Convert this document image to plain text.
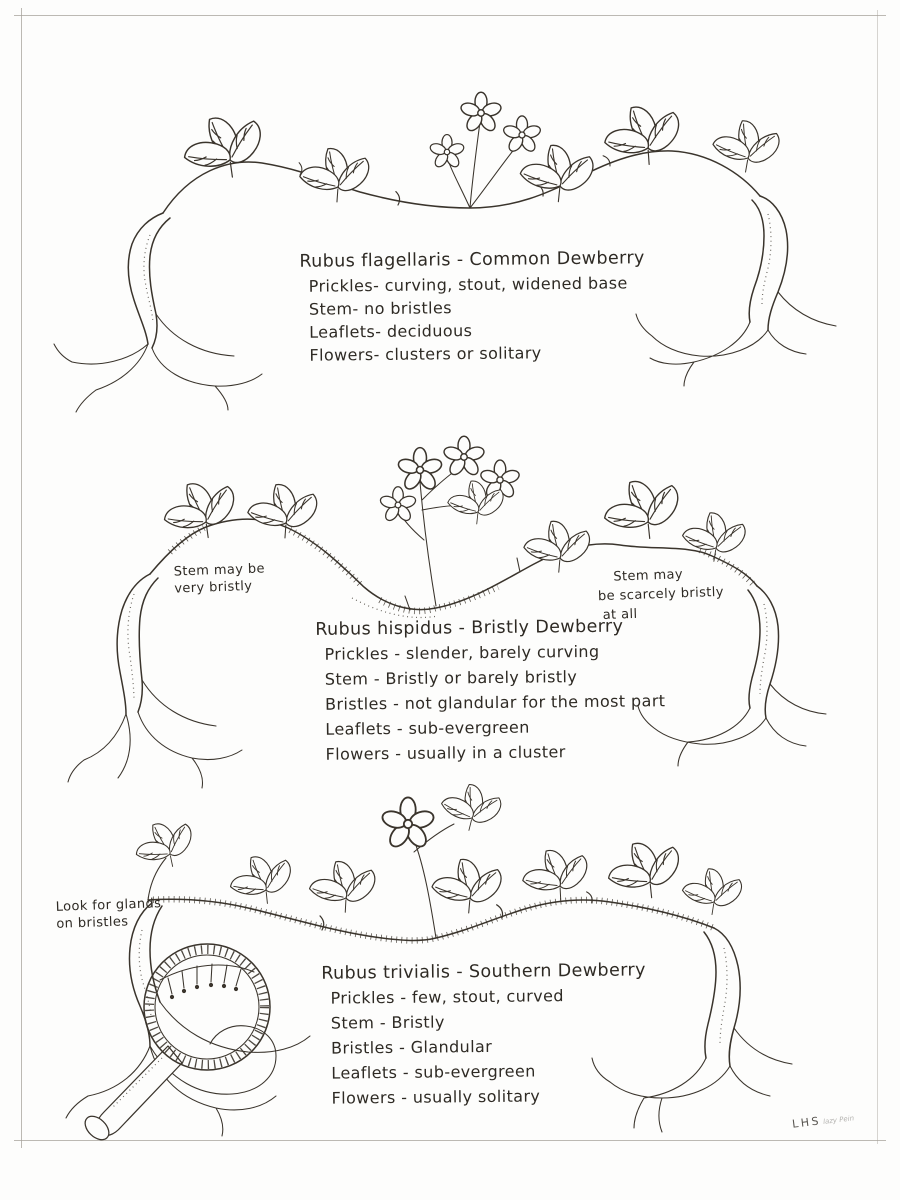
Rubus flagellaris - Common Dewberry
Prickles- curving, stout, widened base
Stem- no bristles
Leaflets- deciduous
Flowers- clusters or solitary
Rubus hispidus - Bristly Dewberry
Prickles - slender, barely curving
Stem - Bristly or barely bristly
Bristles - not glandular for the most part
Leaflets - sub-evergreen
Flowers - usually in a cluster
Rubus trivialis - Southern Dewberry
Prickles - few, stout, curved
Stem - Bristly
Bristles - Glandular
Leaflets - sub-evergreen
Flowers - usually solitary
Stem may be
very bristly
Stem may
be scarcely bristly
at all
Look for glands
on bristles
LHSlazy Pein
